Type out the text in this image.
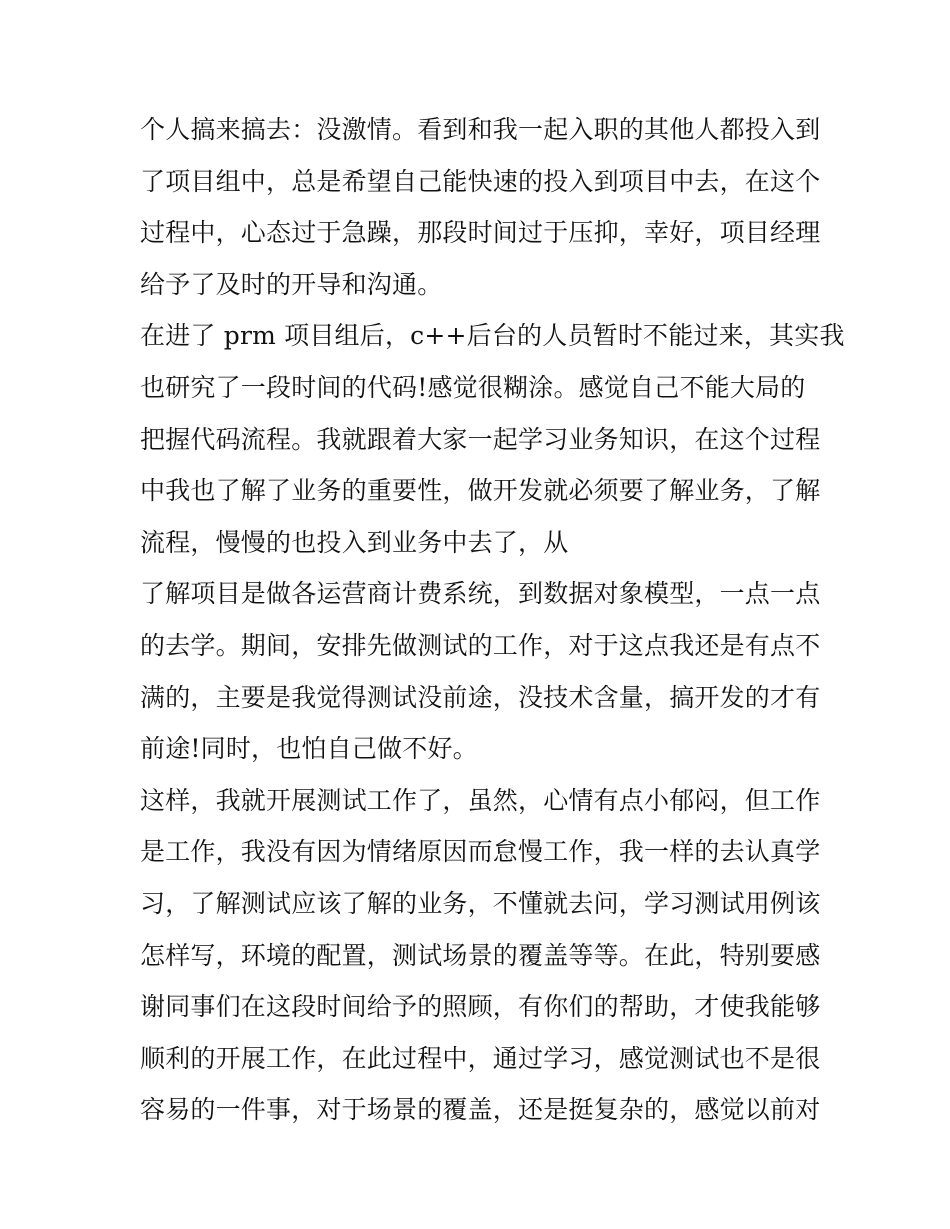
个人搞来搞去：没激情。看到和我一起入职的其他人都投入到
了项目组中，总是希望自己能快速的投入到项目中去，在这个
过程中，心态过于急躁，那段时间过于压抑，幸好，项目经理
给予了及时的开导和沟通。
在进了 prm 项目组后，c++后台的人员暂时不能过来，其实我
也研究了一段时间的代码!感觉很糊涂。感觉自己不能大局的
把握代码流程。我就跟着大家一起学习业务知识，在这个过程
中我也了解了业务的重要性，做开发就必须要了解业务，了解
流程，慢慢的也投入到业务中去了，从
了解项目是做各运营商计费系统，到数据对象模型，一点一点
的去学。期间，安排先做测试的工作，对于这点我还是有点不
满的，主要是我觉得测试没前途，没技术含量，搞开发的才有
前途!同时，也怕自己做不好。
这样，我就开展测试工作了，虽然，心情有点小郁闷，但工作
是工作，我没有因为情绪原因而怠慢工作，我一样的去认真学
习，了解测试应该了解的业务，不懂就去问，学习测试用例该
怎样写，环境的配置，测试场景的覆盖等等。在此，特别要感
谢同事们在这段时间给予的照顾，有你们的帮助，才使我能够
顺利的开展工作，在此过程中，通过学习，感觉测试也不是很
容易的一件事，对于场景的覆盖，还是挺复杂的，感觉以前对
